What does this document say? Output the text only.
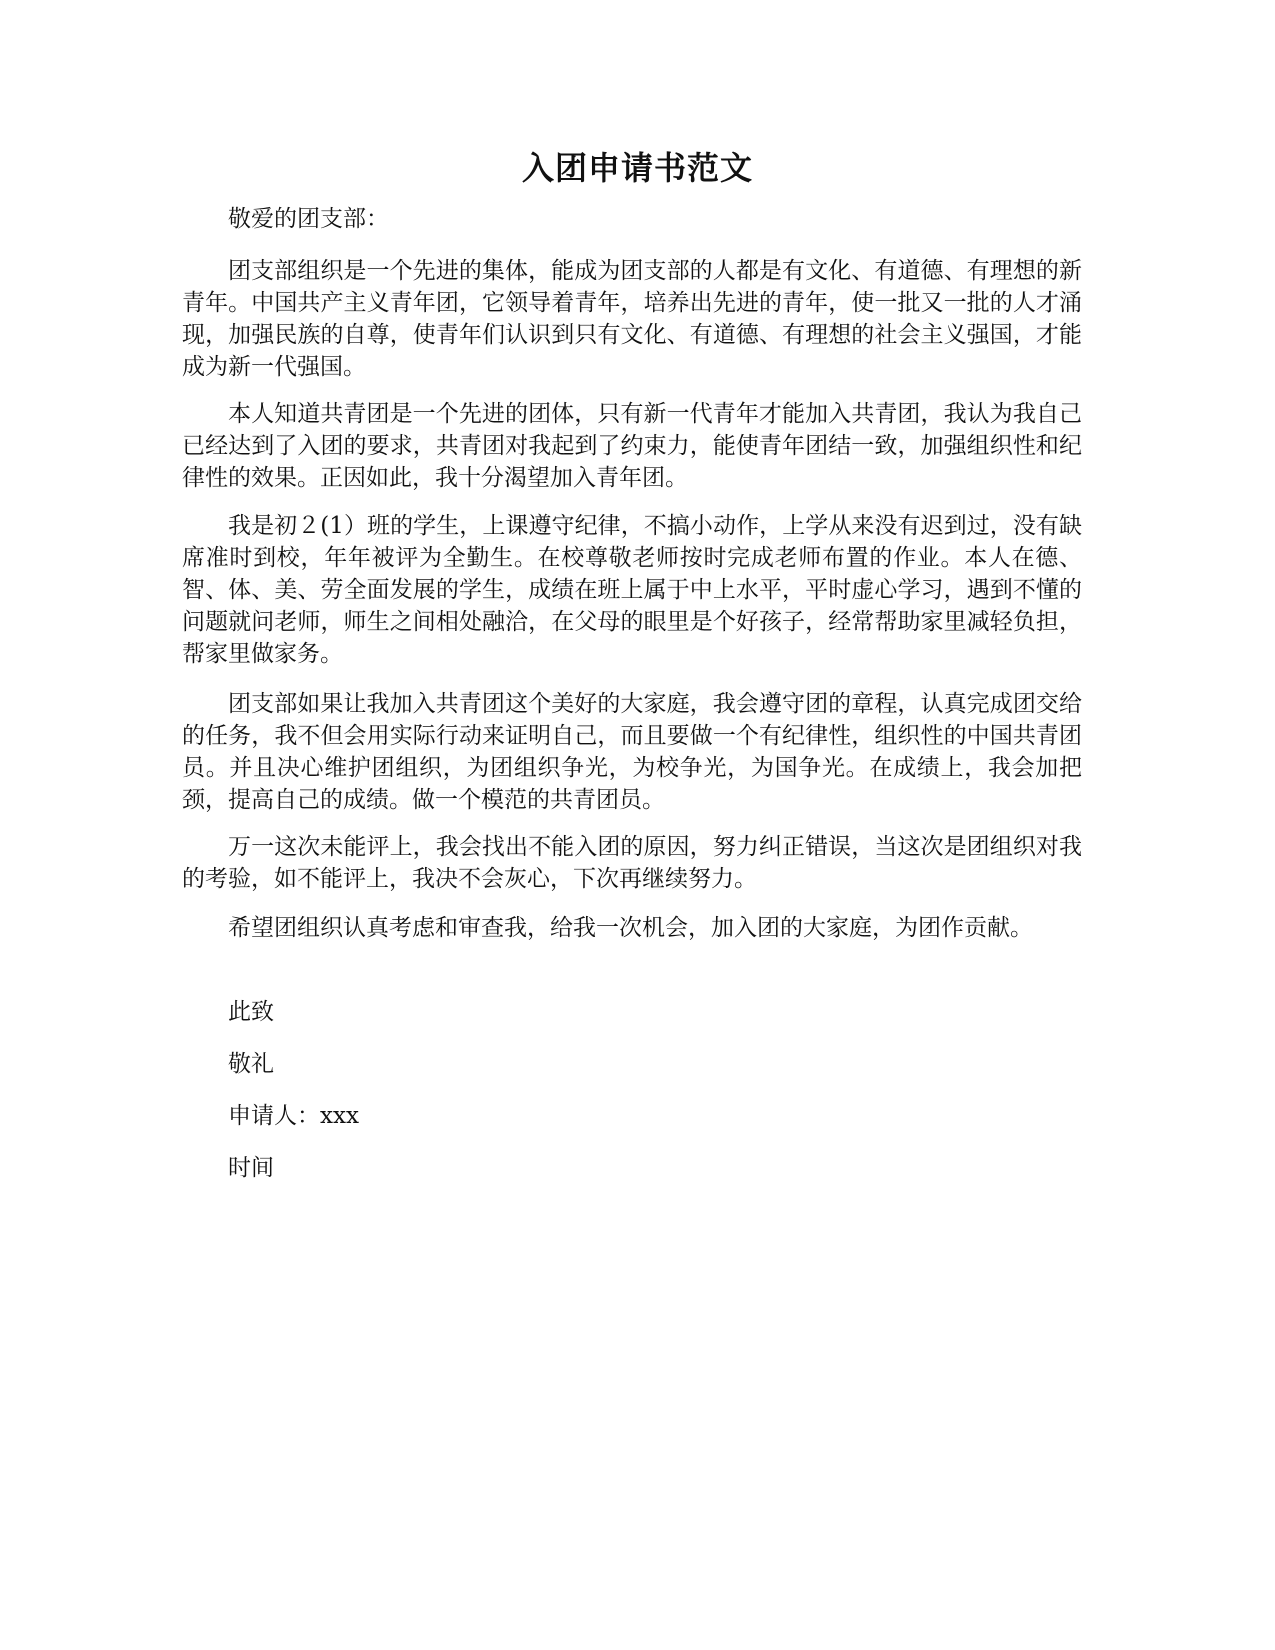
入团申请书范文

敬爱的团支部：

团支部组织是一个先进的集体，能成为团支部的人都是有文化、有道德、有理想的新青年。中国共产主义青年团，它领导着青年，培养出先进的青年，使一批又一批的人才涌现，加强民族的自尊，使青年们认识到只有文化、有道德、有理想的社会主义强国，才能成为新一代强国。

本人知道共青团是一个先进的团体，只有新一代青年才能加入共青团，我认为我自己已经达到了入团的要求，共青团对我起到了约束力，能使青年团结一致，加强组织性和纪律性的效果。正因如此，我十分渴望加入青年团。

我是初２(1）班的学生，上课遵守纪律，不搞小动作，上学从来没有迟到过，没有缺席准时到校，年年被评为全勤生。在校尊敬老师按时完成老师布置的作业。本人在德、智、体、美、劳全面发展的学生，成绩在班上属于中上水平，平时虚心学习，遇到不懂的问题就问老师，师生之间相处融洽，在父母的眼里是个好孩子，经常帮助家里减轻负担，帮家里做家务。

团支部如果让我加入共青团这个美好的大家庭，我会遵守团的章程，认真完成团交给的任务，我不但会用实际行动来证明自己，而且要做一个有纪律性，组织性的中国共青团员。并且决心维护团组织，为团组织争光，为校争光，为国争光。在成绩上，我会加把颈，提高自己的成绩。做一个模范的共青团员。

万一这次未能评上，我会找出不能入团的原因，努力纠正错误，当这次是团组织对我的考验，如不能评上，我决不会灰心，下次再继续努力。

希望团组织认真考虑和审查我，给我一次机会，加入团的大家庭，为团作贡献。

此致

敬礼

申请人：xxx

时间
